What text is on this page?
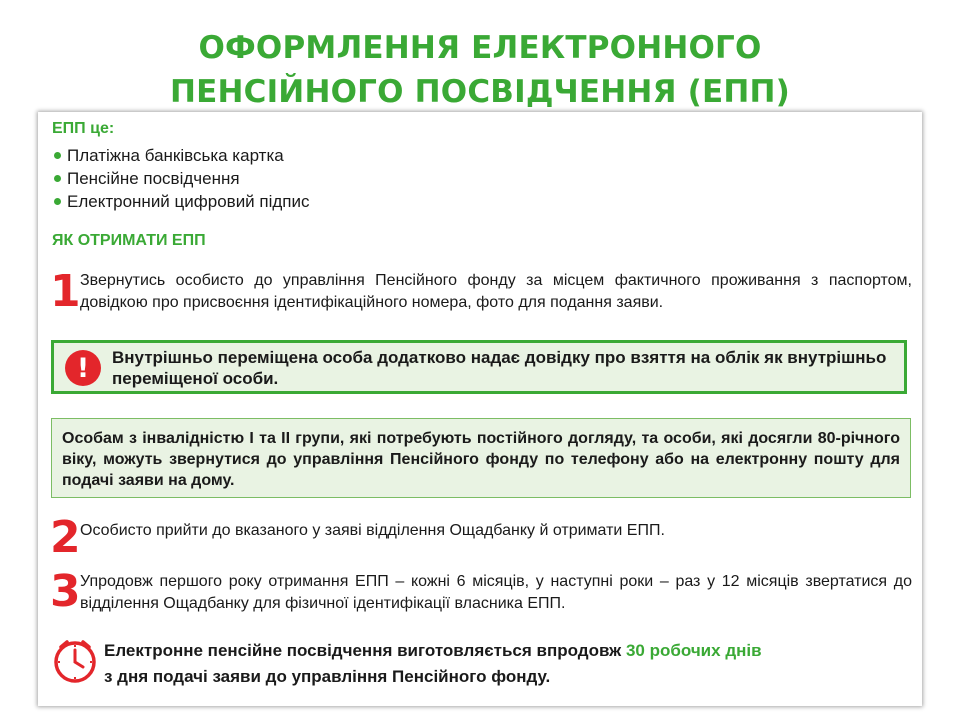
ОФОРМЛЕННЯ ЕЛЕКТРОННОГО
ПЕНСІЙНОГО ПОСВІДЧЕННЯ (ЕПП)
ЕПП це:
Платіжна банківська картка
Пенсійне посвідчення
Електронний цифровий підпис
ЯК ОТРИМАТИ ЕПП
1 Звернутись особисто до управління Пенсійного фонду за місцем фактичного проживання з паспортом, довідкою про присвоєння ідентифікаційного номера, фото для подання заяви.
! Внутрішньо переміщена особа додатково надає довідку про взяття на облік як внутрішньо переміщеної особи.
Особам з інвалідністю I та II групи, які потребують постійного догляду, та особи, які досягли 80-річного віку, можуть звернутися до управління Пенсійного фонду по телефону або на електронну пошту для подачі заяви на дому.
2 Особисто прийти до вказаного у заяві відділення Ощадбанку й отримати ЕПП.
3 Упродовж першого року отримання ЕПП – кожні 6 місяців, у наступні роки – раз у 12 місяців звертатися до відділення Ощадбанку для фізичної ідентифікації власника ЕПП.
Електронне пенсійне посвідчення виготовляється впродовж 30 робочих днів
з дня подачі заяви до управління Пенсійного фонду.
